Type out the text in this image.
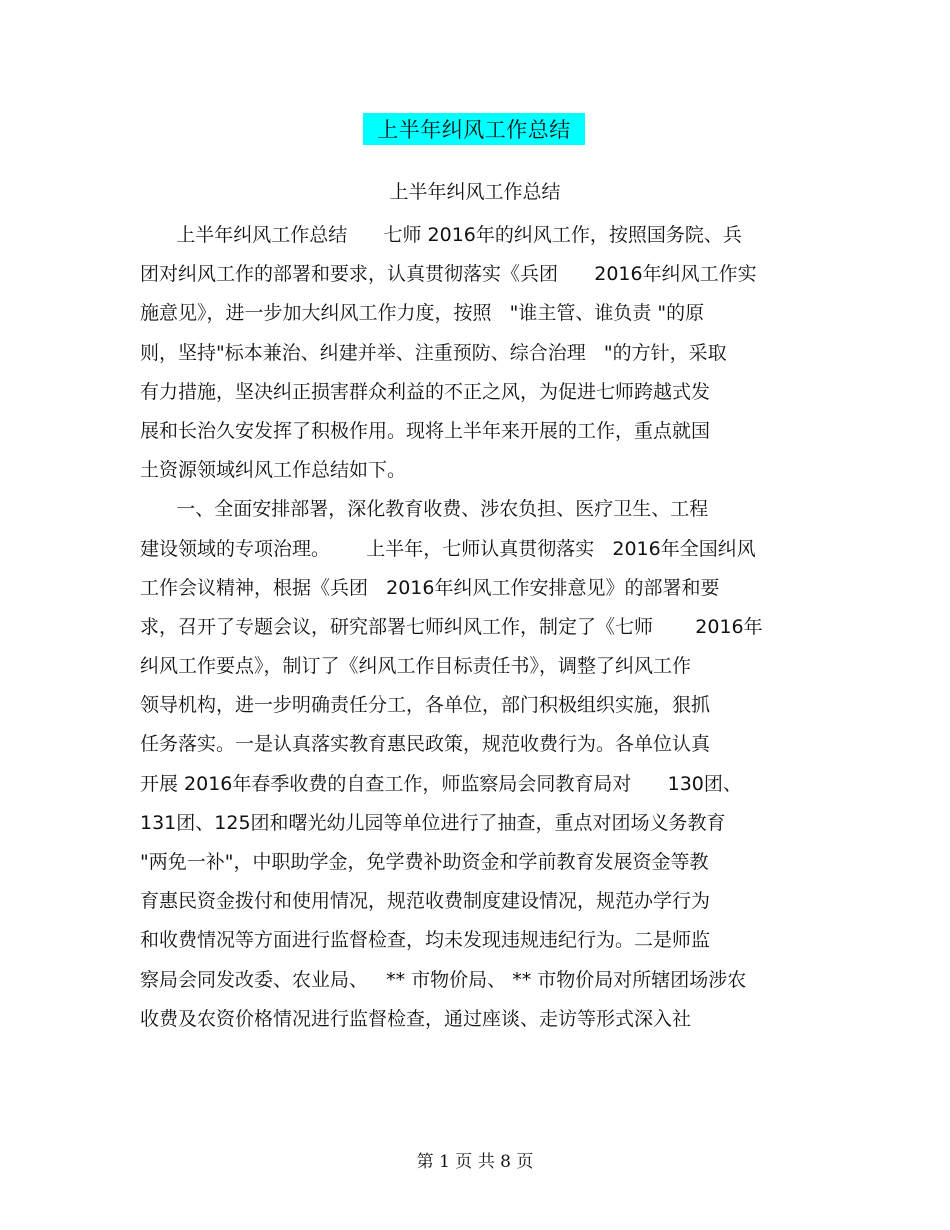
上半年纠风工作总结
上半年纠风工作总结
上半年纠风工作总结      七师 2016年的纠风工作，按照国务院、兵
团对纠风工作的部署和要求，认真贯彻落实《兵团      2016年纠风工作实
施意见》，进一步加大纠风工作力度，按照   "谁主管、谁负责 "的原
则，坚持"标本兼治、纠建并举、注重预防、综合治理   "的方针，采取
有力措施，坚决纠正损害群众利益的不正之风，为促进七师跨越式发
展和长治久安发挥了积极作用。现将上半年来开展的工作，重点就国
土资源领域纠风工作总结如下。
一、全面安排部署，深化教育收费、涉农负担、医疗卫生、工程
建设领域的专项治理。      上半年，七师认真贯彻落实   2016年全国纠风
工作会议精神，根据《兵团   2016年纠风工作安排意见》的部署和要
求，召开了专题会议，研究部署七师纠风工作，制定了《七师       2016年
纠风工作要点》，制订了《纠风工作目标责任书》，调整了纠风工作
领导机构，进一步明确责任分工，各单位，部门积极组织实施，狠抓
任务落实。一是认真落实教育惠民政策，规范收费行为。各单位认真
开展 2016年春季收费的自查工作，师监察局会同教育局对      130团、
131团、125团和曙光幼儿园等单位进行了抽查，重点对团场义务教育
"两免一补"，中职助学金，免学费补助资金和学前教育发展资金等教
育惠民资金拨付和使用情况，规范收费制度建设情况，规范办学行为
和收费情况等方面进行监督检查，均未发现违规违纪行为。二是师监
察局会同发改委、农业局、   ** 市物价局、 ** 市物价局对所辖团场涉农
收费及农资价格情况进行监督检查，通过座谈、走访等形式深入社
第 1 页 共 8 页
